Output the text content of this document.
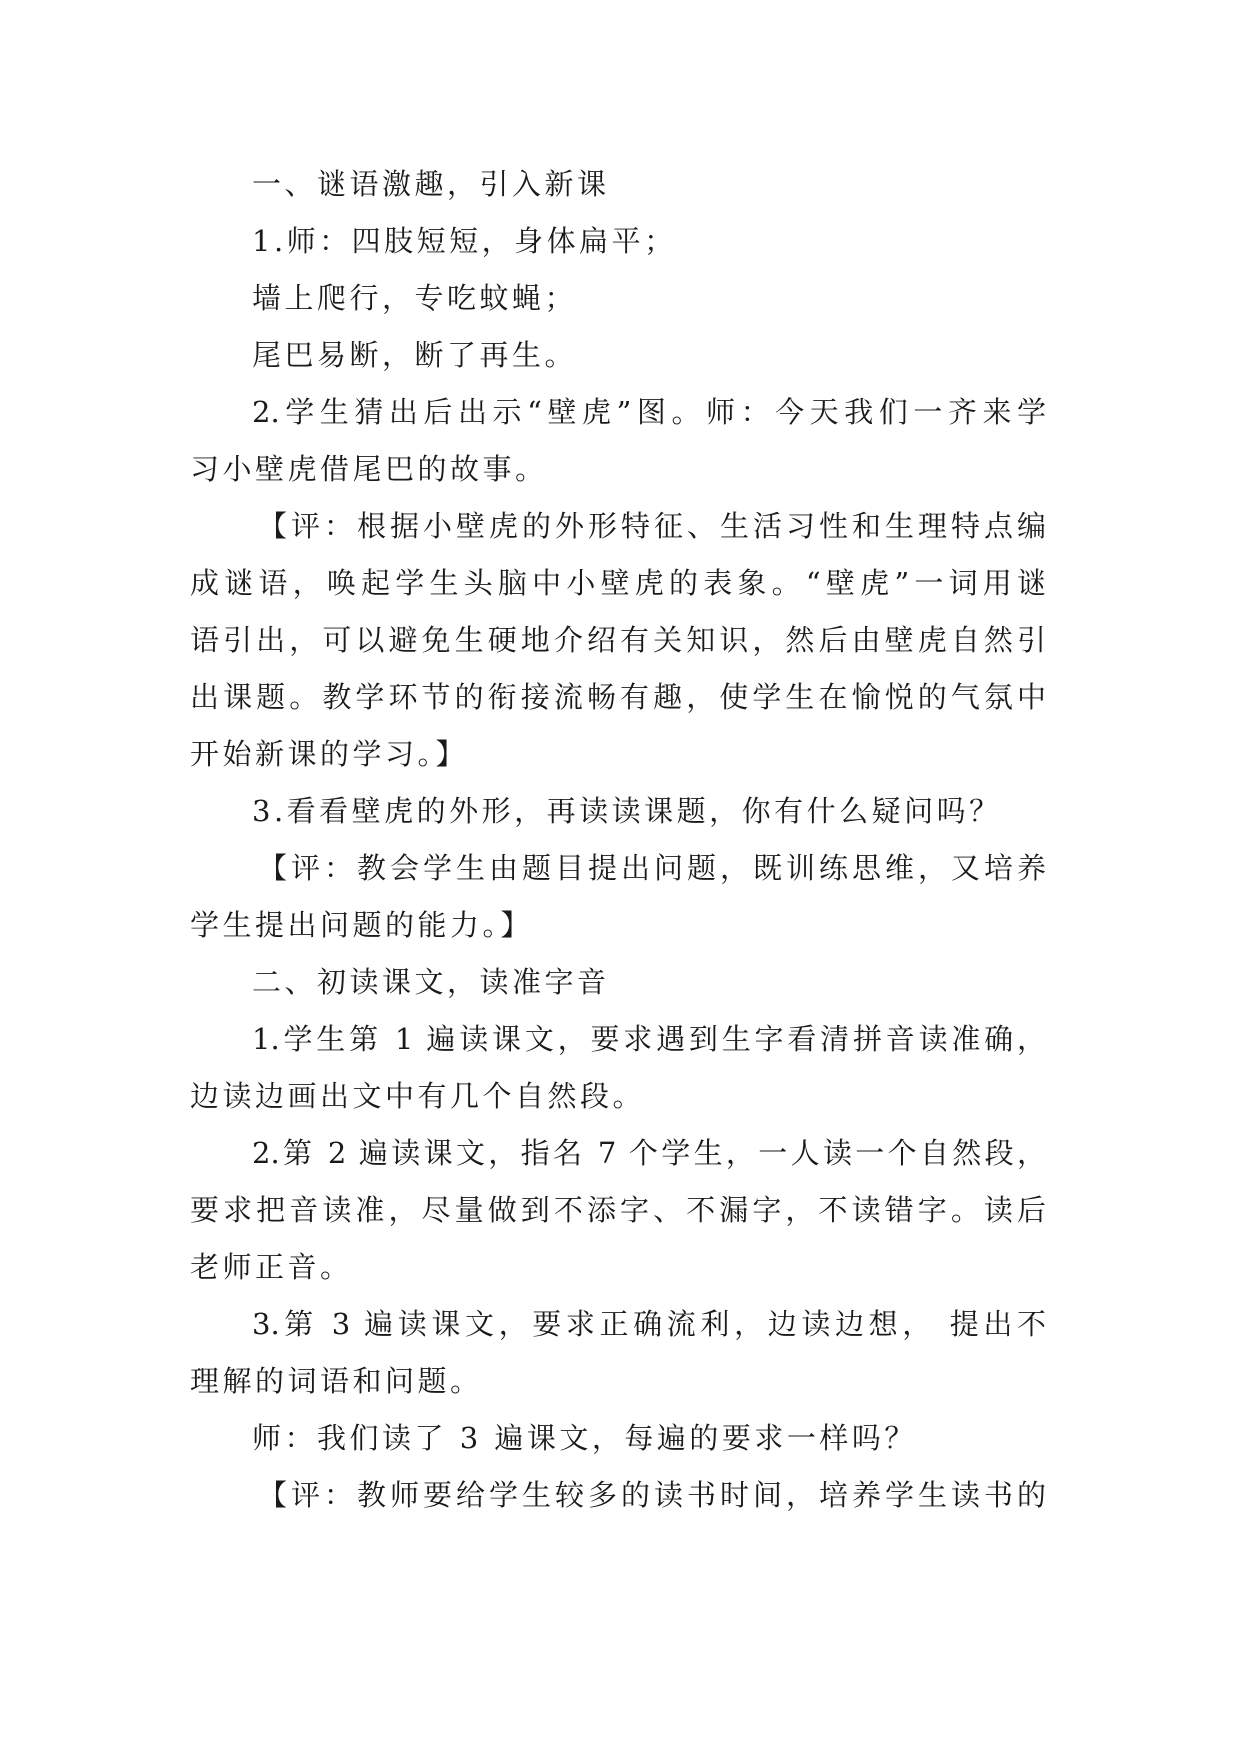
一、谜语激趣，引入新课
1.师：四肢短短，身体扁平；
墙上爬行，专吃蚊蝇；
尾巴易断，断了再生。
2.学生猜出后出示“壁虎”图。师：今天我们一齐来学
习小壁虎借尾巴的故事。
【评：根据小壁虎的外形特征、生活习性和生理特点编
成谜语，唤起学生头脑中小壁虎的表象。“壁虎”一词用谜
语引出，可以避免生硬地介绍有关知识，然后由壁虎自然引
出课题。教学环节的衔接流畅有趣，使学生在愉悦的气氛中
开始新课的学习。】
3.看看壁虎的外形，再读读课题，你有什么疑问吗？
【评：教会学生由题目提出问题，既训练思维，又培养
学生提出问题的能力。】
二、初读课文，读准字音
1.学生第 1 遍读课文，要求遇到生字看清拼音读准确，
边读边画出文中有几个自然段。
2.第 2 遍读课文，指名 7 个学生，一人读一个自然段，
要求把音读准，尽量做到不添字、不漏字，不读错字。读后
老师正音。
3.第 3 遍读课文，要求正确流利，边读边想， 提出不
理解的词语和问题。
师：我们读了 3 遍课文，每遍的要求一样吗？
【评：教师要给学生较多的读书时间，培养学生读书的
